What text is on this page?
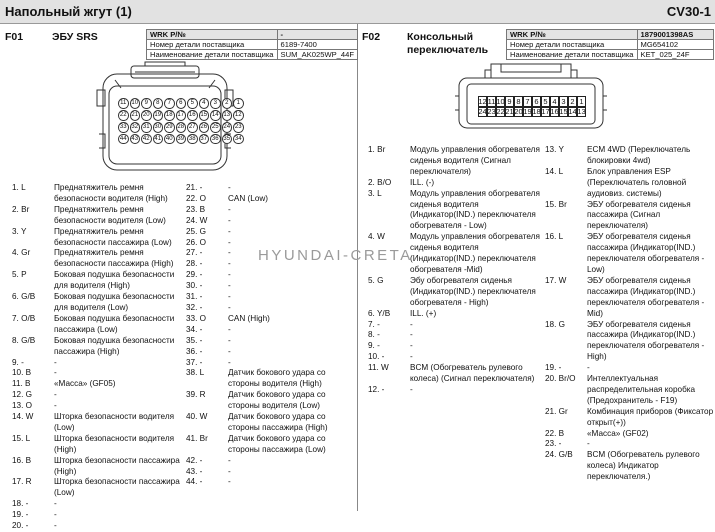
Напольный жгут (1)	CV30-1
F01	ЭБУ SRS	WRK P/№	-
Номер детали поставщика	6189-7400
Наименование детали поставщика	SUM_AK025WP_44F
11 10	9	8	7	6	5	4	3	2	1
22 21 20 19 18 17 16 15 14 13 12
33 32 31 30 29 28 27 26 25 24 23
44 43 42 41 40 39 38 37 36 35 34
1. L	Преднатяжитель ремня безопасности водителя (High)
2. Br	Преднатяжитель ремня безопасности водителя (Low)
3. Y	Преднатяжитель ремня безопасности пассажира (Low)
4. Gr	Преднатяжитель ремня безопасности пассажира (High)
5. P	Боковая подушка безопасности для водителя (High)
6. G/B	Боковая подушка безопасности для водителя (Low)
7. O/B	Боковая подушка безопасности пассажира (Low)
8. G/B	Боковая подушка безопасности пассажира (High)
9. -	-
10. B	-
11. B	«Масса» (GF05)
12. G	-
13. O	-
14. W	Шторка безопасности водителя (Low)
15. L	Шторка безопасности водителя (High)
16. B	Шторка безопасности пассажира (High)
17. R	Шторка безопасности пассажира (Low)
18. -	-
19. -	-
20. -	-
21. -	-
22. O	CAN (Low)
23. B	-
24. W	-
25. G	-
26. O	-
27. -	-
28. -	-
29. -	-
30. -	-
31. -	-
32. -	-
33. O	CAN (High)
34. -	-
35. -	-
36. -	-
37. -	-
38. L	Датчик бокового удара со стороны водителя (High)
39. R	Датчик бокового удара со стороны водителя (Low)
40. W	Датчик бокового удара со стороны пассажира (High)
41. Br	Датчик бокового удара со стороны пассажира (Low)
42. -	-
43. -	-
44. -	-
F02	Консольный переключатель
WRK P/№	1879001398AS
Номер детали поставщика	MG654102
Наименование детали поставщика	KET_025_24F
12 11 10 9 8 7 6 5 4 3 2 1
24 23 22 21 20 19 18 17 16 15 14 13
1. Br	Модуль управления обогревателя сиденья водителя (Сигнал переключателя)
2. B/O	ILL. (-)
3. L	Модуль управления обогревателя сиденья водителя (Индикатор(IND.) переключателя обогревателя - Low)
4. W	Модуль управления обогревателя сиденья водителя (Индикатор(IND.) переключателя обогревателя -Mid)
5. G	Эбу обогревателя сиденья (Индикатор(IND.) переключателя обогревателя - High)
6. Y/B	ILL. (+)
7. -	-
8. -	-
9. -	-
10. -	-
11. W	BCM (Обогреватель рулевого колеса) (Сигнал переключателя)
12. -	-
13. Y	ECM 4WD (Переключатель блокировки 4wd)
14. L	Блок управления ESP (Переключатель головной аудиовиз. системы)
15. Br	ЭБУ обогревателя сиденья пассажира (Сигнал переключателя)
16. L	ЭБУ обогревателя сиденья пассажира (Индикатор(IND.) переключателя обогревателя - Low)
17. W	ЭБУ обогревателя сиденья пассажира (Индикатор(IND.) переключателя обогревателя -Mid)
18. G	ЭБУ обогревателя сиденья пассажира (Индикатор(IND.) переключателя обогревателя - High)
19. -	-
20. Br/O	Интеллектуальная распределительная коробка (Предохранитель - F19)
21. Gr	Комбинация приборов (Фиксатор открыт(+))
22. B	«Масса» (GF02)
23. -	-
24. G/B	BCM (Обогреватель рулевого колеса) Индикатор переключателя.)
HYUNDAI-CRETA.
